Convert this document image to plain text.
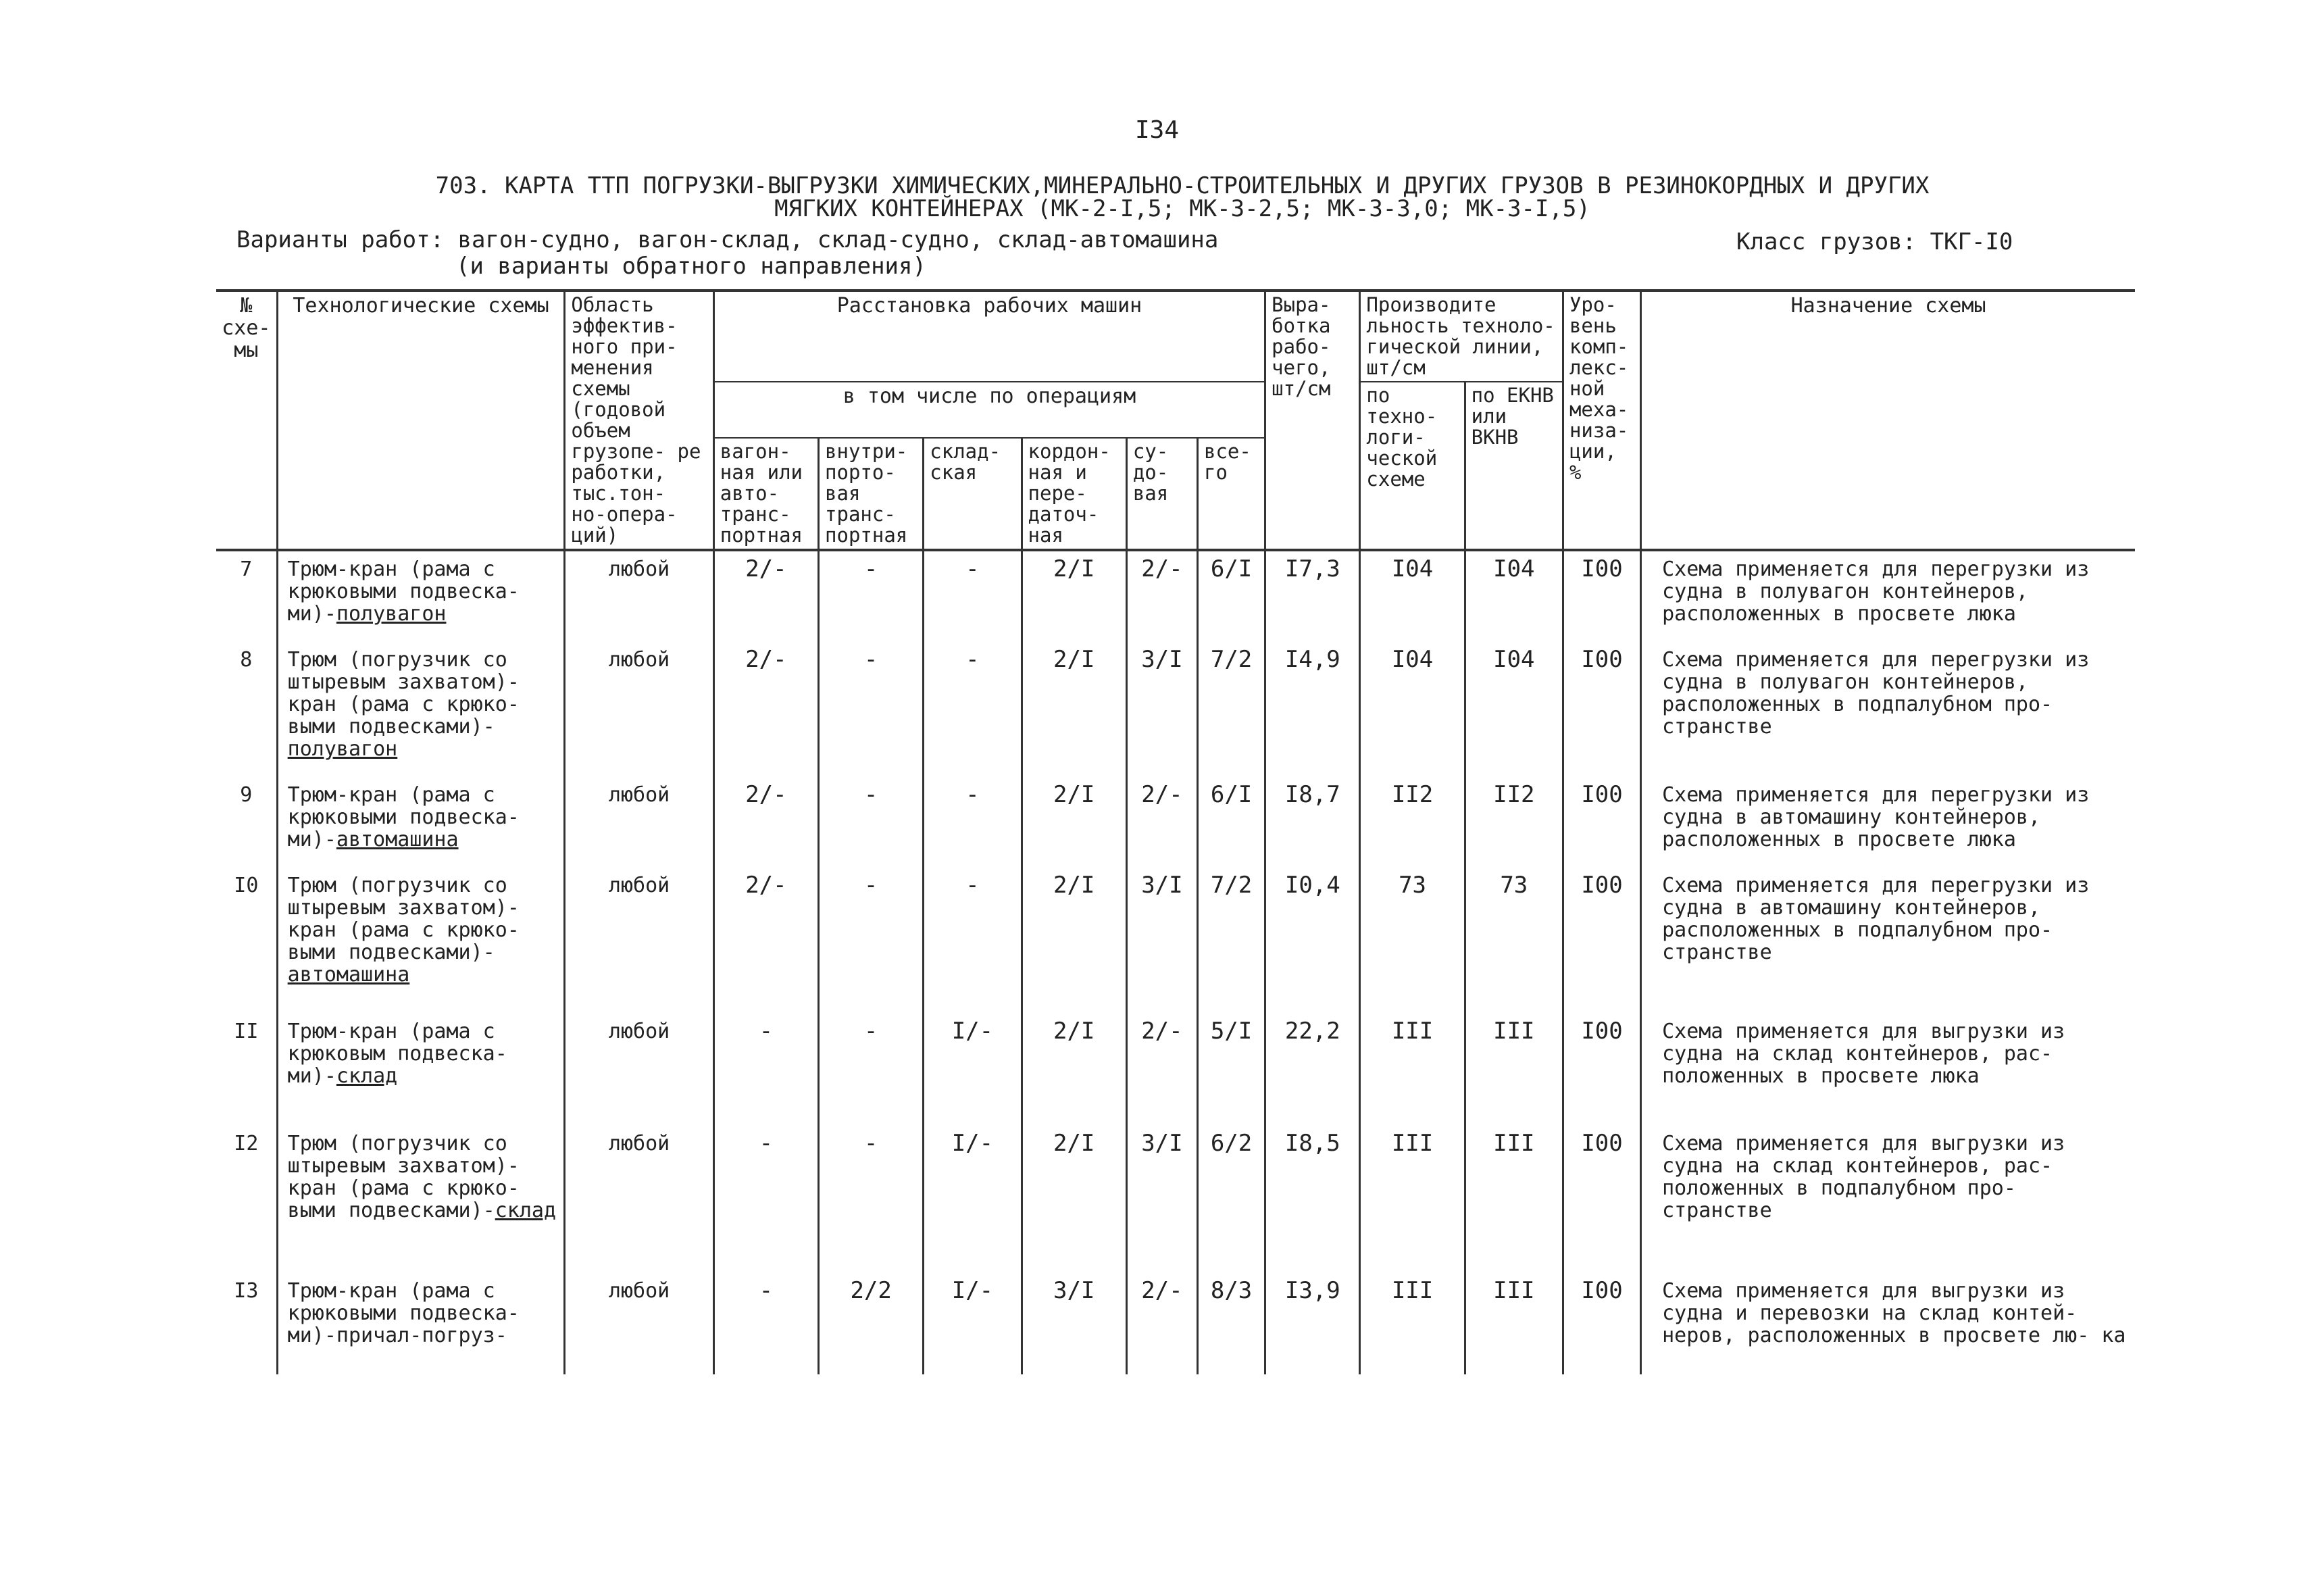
I34
703. КАРТА ТТП ПОГРУЗКИ-ВЫГРУЗКИ ХИМИЧЕСКИХ,МИНЕРАЛЬНО-СТРОИТЕЛЬНЫХ И ДРУГИХ ГРУЗОВ В РЕЗИНОКОРДНЫХ И ДРУГИХ
МЯГКИХ КОНТЕЙНЕРАХ (МК-2-I,5; МК-3-2,5; МК-3-3,0; МК-3-I,5)
Варианты работ: вагон-судно, вагон-склад, склад-судно, склад-автомашина
(и варианты обратного направления)
Класс грузов: ТКГ-I0
№ схе- мы	Технологические схемы	Область эффектив- ного при- менения схемы (годовой объем грузопе- ре работки, тыс.тон- но-опера- ций)	Расстановка рабочих машин						Выра- ботка рабо- чего, шт/см	Производите льность техноло- гической линии, шт/см		Уро- вень комп- лекс- ной меха- низа- ции, %	Назначение схемы
			в том числе по операциям							по техно- логи- ческой схеме	по ЕКНВ или ВКНВ		
			вагон- ная или авто- транс- портная	внутри- порто- вая транс- портная	склад- ская	кордон- ная и пере- даточ- ная	су- до- вая	все- го					
7	Трюм-кран (рама с крюковыми подвеска- ми)-полувагон	любой	2/-	-	-	2/I	2/-	6/I	I7,3	I04	I04	I00	Схема применяется для перегрузки из судна в полувагон контейнеров, расположенных в просвете люка
8	Трюм (погрузчик со штыревым захватом)- кран (рама с крюко- выми подвесками)-полувагон	любой	2/-	-	-	2/I	3/I	7/2	I4,9	I04	I04	I00	Схема применяется для перегрузки из судна в полувагон контейнеров, расположенных в подпалубном про- странстве
9	Трюм-кран (рама с крюковыми подвеска- ми)-автомашина	любой	2/-	-	-	2/I	2/-	6/I	I8,7	II2	II2	I00	Схема применяется для перегрузки из судна в автомашину контейнеров, расположенных в просвете люка
I0	Трюм (погрузчик со штыревым захватом)- кран (рама с крюко- выми подвесками)-автомашина	любой	2/-	-	-	2/I	3/I	7/2	I0,4	73	73	I00	Схема применяется для перегрузки из судна в автомашину контейнеров, расположенных в подпалубном про- странстве
II	Трюм-кран (рама с крюковым подвеска- ми)-склад	любой	-	-	I/-	2/I	2/-	5/I	22,2	III	III	I00	Схема применяется для выгрузки из судна на склад контейнеров, рас- положенных в просвете люка
I2	Трюм (погрузчик со штыревым захватом)- кран (рама с крюко- выми подвесками)-склад	любой	-	-	I/-	2/I	3/I	6/2	I8,5	III	III	I00	Схема применяется для выгрузки из судна на склад контейнеров, рас- положенных в подпалубном про- странстве
I3	Трюм-кран (рама с крюковыми подвеска- ми)-причал-погруз-	любой	-	2/2	I/-	3/I	2/-	8/3	I3,9	III	III	I00	Схема применяется для выгрузки из судна и перевозки на склад контей- неров, расположенных в просвете лю- ка
